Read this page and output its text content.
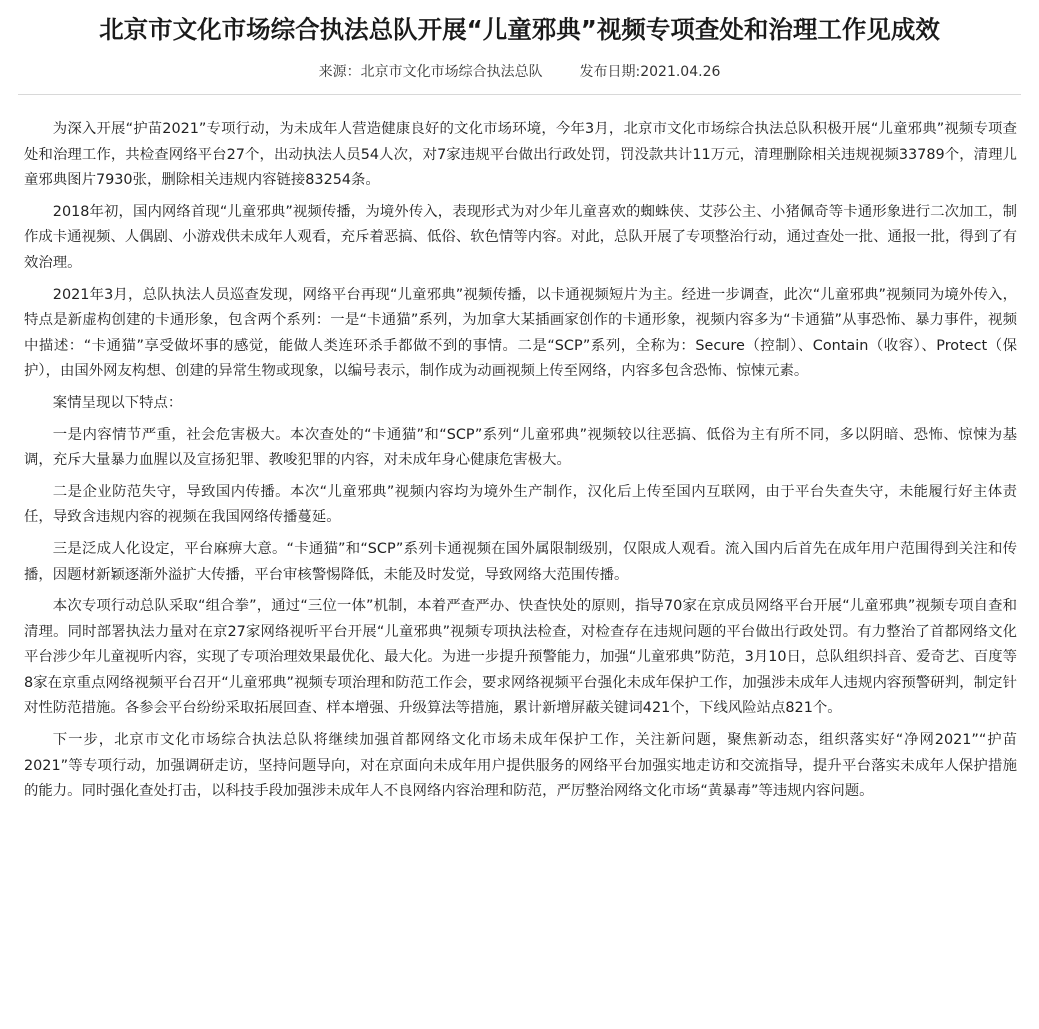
北京市文化市场综合执法总队开展“儿童邪典”视频专项查处和治理工作见成效
来源：北京市文化市场综合执法总队	发布日期:2021.04.26

为深入开展“护苗2021”专项行动，为未成年人营造健康良好的文化市场环境，今年3月，北京市文化市场综合执法总队积极开展“儿童邪典”视频专项查处和治理工作，共检查网络平台27个，出动执法人员54人次，对7家违规平台做出行政处罚，罚没款共计11万元，清理删除相关违规视频33789个，清理儿童邪典图片7930张，删除相关违规内容链接83254条。

2018年初，国内网络首现“儿童邪典”视频传播，为境外传入，表现形式为对少年儿童喜欢的蜘蛛侠、艾莎公主、小猪佩奇等卡通形象进行二次加工，制作成卡通视频、人偶剧、小游戏供未成年人观看，充斥着恶搞、低俗、软色情等内容。对此，总队开展了专项整治行动，通过查处一批、通报一批，得到了有效治理。

2021年3月，总队执法人员巡查发现，网络平台再现“儿童邪典”视频传播，以卡通视频短片为主。经进一步调查，此次“儿童邪典”视频同为境外传入，特点是新虚构创建的卡通形象，包含两个系列：一是“卡通猫”系列，为加拿大某插画家创作的卡通形象，视频内容多为“卡通猫”从事恐怖、暴力事件，视频中描述：“卡通猫”享受做坏事的感觉，能做人类连环杀手都做不到的事情。二是“SCP”系列，全称为：Secure（控制）、Contain（收容）、Protect（保护），由国外网友构想、创建的异常生物或现象，以编号表示，制作成为动画视频上传至网络，内容多包含恐怖、惊悚元素。

案情呈现以下特点：

一是内容情节严重，社会危害极大。本次查处的“卡通猫”和“SCP”系列“儿童邪典”视频较以往恶搞、低俗为主有所不同，多以阴暗、恐怖、惊悚为基调，充斥大量暴力血腥以及宣扬犯罪、教唆犯罪的内容，对未成年身心健康危害极大。

二是企业防范失守，导致国内传播。本次“儿童邪典”视频内容均为境外生产制作，汉化后上传至国内互联网，由于平台失查失守，未能履行好主体责任，导致含违规内容的视频在我国网络传播蔓延。

三是泛成人化设定，平台麻痹大意。“卡通猫”和“SCP”系列卡通视频在国外属限制级别，仅限成人观看。流入国内后首先在成年用户范围得到关注和传播，因题材新颖逐渐外溢扩大传播，平台审核警惕降低，未能及时发觉，导致网络大范围传播。

本次专项行动总队采取“组合拳”，通过“三位一体”机制，本着严查严办、快查快处的原则，指导70家在京成员网络平台开展“儿童邪典”视频专项自查和清理。同时部署执法力量对在京27家网络视听平台开展“儿童邪典”视频专项执法检查，对检查存在违规问题的平台做出行政处罚。有力整治了首都网络文化平台涉少年儿童视听内容，实现了专项治理效果最优化、最大化。为进一步提升预警能力，加强“儿童邪典”防范，3月10日，总队组织抖音、爱奇艺、百度等8家在京重点网络视频平台召开“儿童邪典”视频专项治理和防范工作会，要求网络视频平台强化未成年保护工作，加强涉未成年人违规内容预警研判，制定针对性防范措施。各参会平台纷纷采取拓展回查、样本增强、升级算法等措施，累计新增屏蔽关键词421个，下线风险站点821个。

下一步，北京市文化市场综合执法总队将继续加强首都网络文化市场未成年保护工作，关注新问题，聚焦新动态，组织落实好“净网2021”“护苗2021”等专项行动，加强调研走访，坚持问题导向，对在京面向未成年用户提供服务的网络平台加强实地走访和交流指导，提升平台落实未成年人保护措施的能力。同时强化查处打击，以科技手段加强涉未成年人不良网络内容治理和防范，严厉整治网络文化市场“黄暴毒”等违规内容问题。
